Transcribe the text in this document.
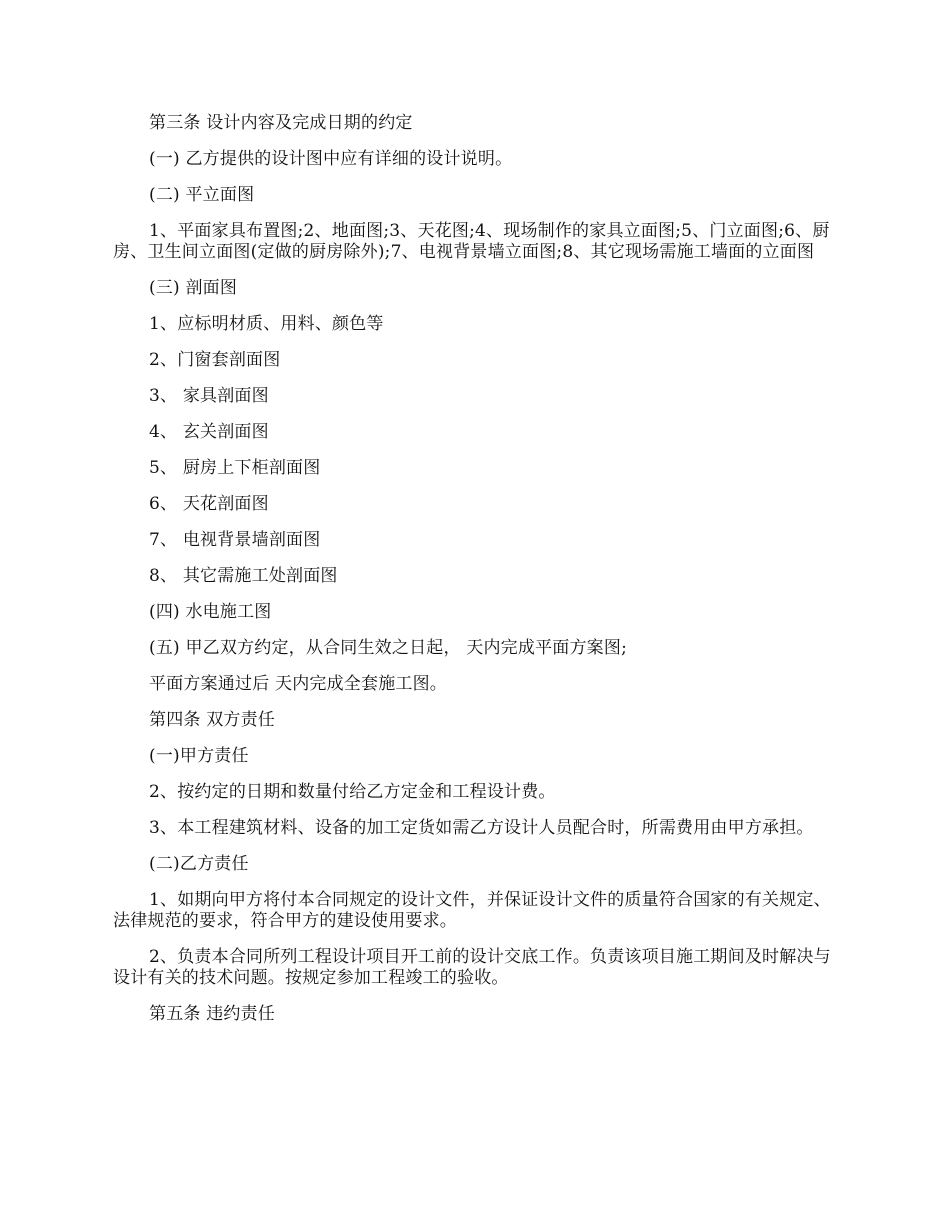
第三条 设计内容及完成日期的约定

(一) 乙方提供的设计图中应有详细的设计说明。

(二) 平立面图

1、平面家具布置图;2、地面图;3、天花图;4、现场制作的家具立面图;5、门立面图;6、厨房、卫生间立面图(定做的厨房除外);7、电视背景墙立面图;8、其它现场需施工墙面的立面图

(三) 剖面图

1、应标明材质、用料、颜色等

2、门窗套剖面图

3、 家具剖面图

4、 玄关剖面图

5、 厨房上下柜剖面图

6、 天花剖面图

7、 电视背景墙剖面图

8、 其它需施工处剖面图

(四) 水电施工图

(五) 甲乙双方约定，从合同生效之日起， 天内完成平面方案图;

平面方案通过后 天内完成全套施工图。

第四条 双方责任

(一)甲方责任

2、按约定的日期和数量付给乙方定金和工程设计费。

3、本工程建筑材料、设备的加工定货如需乙方设计人员配合时，所需费用由甲方承担。

(二)乙方责任

1、如期向甲方将付本合同规定的设计文件，并保证设计文件的质量符合国家的有关规定、法律规范的要求，符合甲方的建设使用要求。

2、负责本合同所列工程设计项目开工前的设计交底工作。负责该项目施工期间及时解决与设计有关的技术问题。按规定参加工程竣工的验收。

第五条 违约责任
